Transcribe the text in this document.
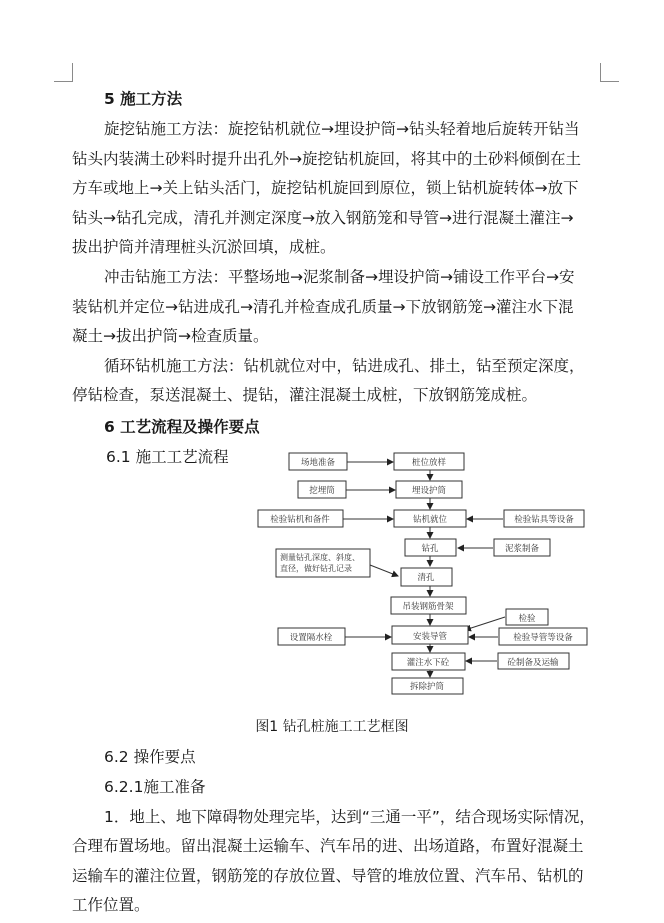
5 施工方法
旋挖钻施工方法：旋挖钻机就位→埋设护筒→钻头轻着地后旋转开钻当
钻头内装满土砂料时提升出孔外→旋挖钻机旋回，将其中的土砂料倾倒在土
方车或地上→关上钻头活门，旋挖钻机旋回到原位，锁上钻机旋转体→放下
钻头→钻孔完成，清孔并测定深度→放入钢筋笼和导管→进行混凝土灌注→
拔出护筒并清理桩头沉淤回填，成桩。
冲击钻施工方法：平整场地→泥浆制备→埋设护筒→铺设工作平台→安
装钻机并定位→钻进成孔→清孔并检查成孔质量→下放钢筋笼→灌注水下混
凝土→拔出护筒→检查质量。
循环钻机施工方法：钻机就位对中，钻进成孔、排土，钻至预定深度，
停钻检查，泵送混凝土、提钻，灌注混凝土成桩，下放钢筋笼成桩。
6 工艺流程及操作要点
6.1 施工工艺流程	桩位放样
埋设护筒
钻机就位
钻孔
清孔
吊装钢筋骨架
安装导管
灌注水下砼
拆除护筒
场地准备
挖埋筒
检验钻机和备件
设置隔水栓
检验钻具等设备
泥浆制备
检验
检验导管等设备
砼制备及运输
测量钻孔深度、斜度、直径，做好钻孔记录
图1 钻孔桩施工工艺框图
6.2 操作要点
6.2.1施工准备
1．地上、地下障碍物处理完毕，达到“三通一平”，结合现场实际情况，
合理布置场地。留出混凝土运输车、汽车吊的进、出场道路，布置好混凝土
运输车的灌注位置，钢筋笼的存放位置、导管的堆放位置、汽车吊、钻机的
工作位置。
